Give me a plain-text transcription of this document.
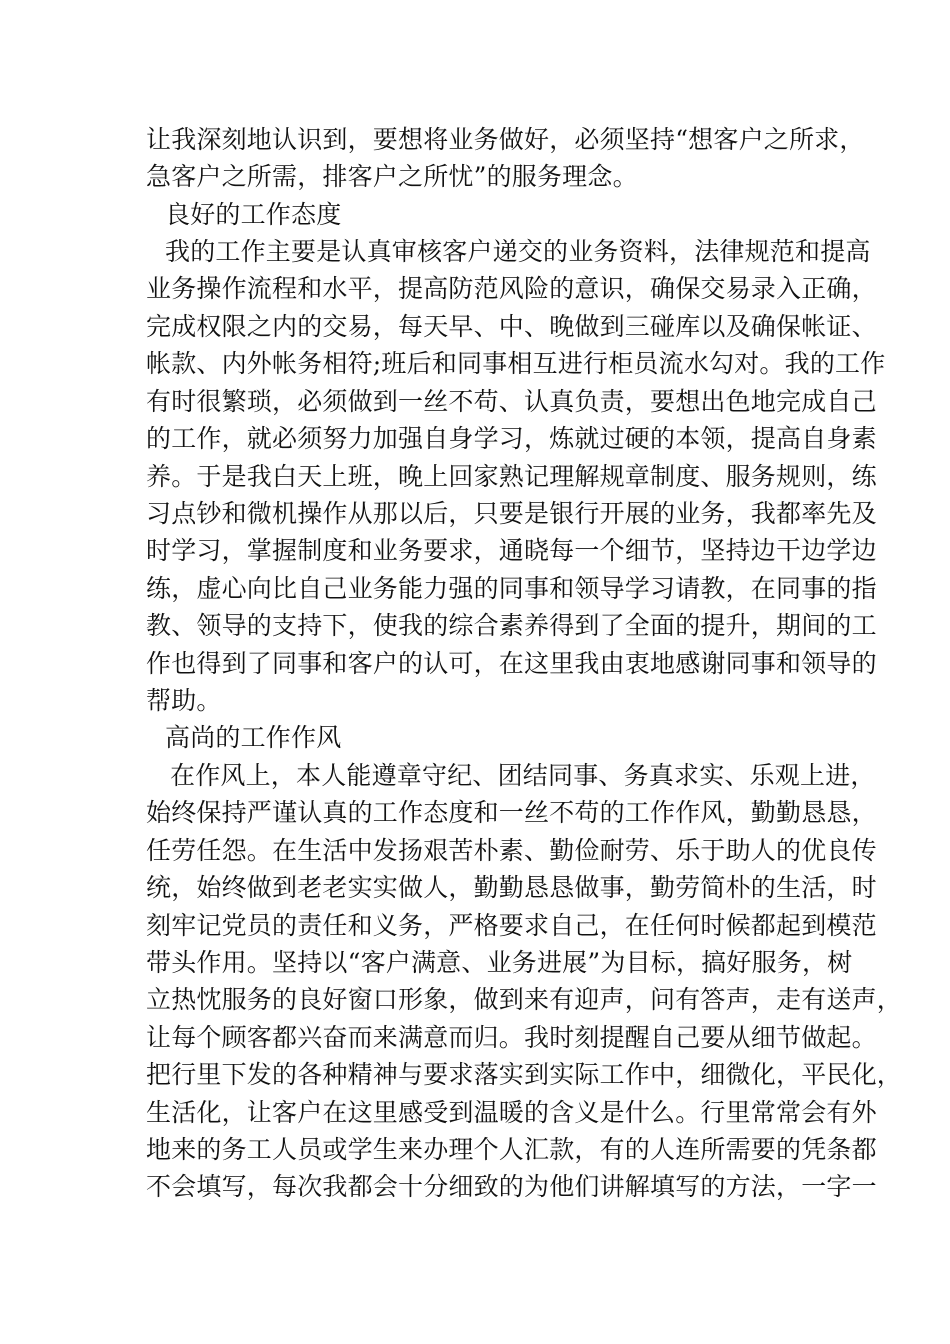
让我深刻地认识到，要想将业务做好，必须坚持“想客户之所求，
急客户之所需，排客户之所忧”的服务理念。
良好的工作态度
我的工作主要是认真审核客户递交的业务资料，法律规范和提高
业务操作流程和水平，提高防范风险的意识，确保交易录入正确，
完成权限之内的交易，每天早、中、晚做到三碰库以及确保帐证、
帐款、内外帐务相符;班后和同事相互进行柜员流水勾对。我的工作
有时很繁琐，必须做到一丝不苟、认真负责，要想出色地完成自己
的工作，就必须努力加强自身学习，炼就过硬的本领，提高自身素
养。于是我白天上班，晚上回家熟记理解规章制度、服务规则，练
习点钞和微机操作从那以后，只要是银行开展的业务，我都率先及
时学习，掌握制度和业务要求，通晓每一个细节，坚持边干边学边
练，虚心向比自己业务能力强的同事和领导学习请教，在同事的指
教、领导的支持下，使我的综合素养得到了全面的提升，期间的工
作也得到了同事和客户的认可，在这里我由衷地感谢同事和领导的
帮助。
高尚的工作作风
在作风上，本人能遵章守纪、团结同事、务真求实、乐观上进，
始终保持严谨认真的工作态度和一丝不苟的工作作风，勤勤恳恳，
任劳任怨。在生活中发扬艰苦朴素、勤俭耐劳、乐于助人的优良传
统，始终做到老老实实做人，勤勤恳恳做事，勤劳简朴的生活，时
刻牢记党员的责任和义务，严格要求自己，在任何时候都起到模范
带头作用。坚持以“客户满意、业务进展”为目标，搞好服务，树
立热忱服务的良好窗口形象，做到来有迎声，问有答声，走有送声，
让每个顾客都兴奋而来满意而归。我时刻提醒自己要从细节做起。
把行里下发的各种精神与要求落实到实际工作中，细微化，平民化，
生活化，让客户在这里感受到温暖的含义是什么。行里常常会有外
地来的务工人员或学生来办理个人汇款，有的人连所需要的凭条都
不会填写，每次我都会十分细致的为他们讲解填写的方法，一字一
